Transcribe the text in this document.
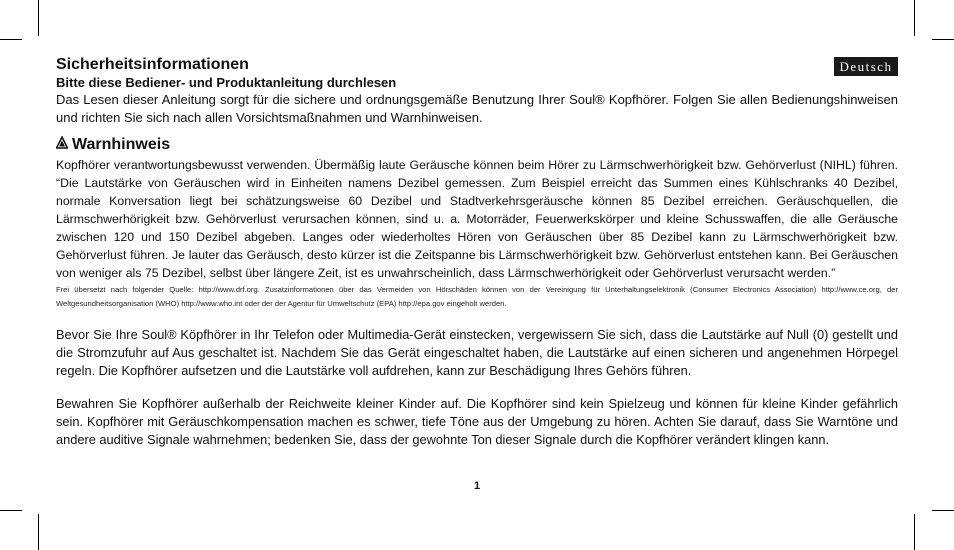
Deutsch
Sicherheitsinformationen
Bitte diese Bediener- und Produktanleitung durchlesen

Das Lesen dieser Anleitung sorgt für die sichere und ordnungsgemäße Benutzung Ihrer Soul® Kopfhörer. Folgen Sie allen Bedienungshinweisen und richten Sie sich nach allen Vorsichtsmaßnahmen und Warnhinweisen.

Warnhinweis

Kopfhörer verantwortungsbewusst verwenden. Übermäßig laute Geräusche können beim Hörer zu Lärmschwerhörigkeit bzw. Gehörverlust (NIHL) führen. “Die Lautstärke von Geräuschen wird in Einheiten namens Dezibel gemessen. Zum Beispiel erreicht das Summen eines Kühlschranks 40 Dezibel, normale Konversation liegt bei schätzungsweise 60 Dezibel und Stadtverkehrsgeräusche können 85 Dezibel erreichen. Geräuschquellen, die Lärmschwerhörigkeit bzw. Gehörverlust verursachen können, sind u. a. Motorräder, Feuerwerkskörper und kleine Schusswaffen, die alle Geräusche zwischen 120 und 150 Dezibel abgeben. Langes oder wiederholtes Hören von Geräuschen über 85 Dezibel kann zu Lärmschwerhörigkeit bzw. Gehörverlust führen. Je lauter das Geräusch, desto kürzer ist die Zeitspanne bis Lärmschwerhörigkeit bzw. Gehörverlust entstehen kann. Bei Geräuschen von weniger als 75 Dezibel, selbst über längere Zeit, ist es unwahrscheinlich, dass Lärmschwerhörigkeit oder Gehörverlust verursacht werden.”

Frei übersetzt nach folgender Quelle: http://www.drf.org. Zusatzinformationen über das Vermeiden von Hörschäden können von der Vereinigung für Unterhaltungselektronik (Consumer Electronics Association) http://www.ce.org, der Weltgesundheitsorganisation (WHO) http://www.who.int oder der der Agentur für Umweltschutz (EPA) http://epa.gov eingeholt werden.

Bevor Sie Ihre Soul® Köpfhörer in Ihr Telefon oder Multimedia-Gerät einstecken, vergewissern Sie sich, dass die Lautstärke auf Null (0) gestellt und die Stromzufuhr auf Aus geschaltet ist. Nachdem Sie das Gerät eingeschaltet haben, die Lautstärke auf einen sicheren und angenehmen Hörpegel regeln. Die Kopfhörer aufsetzen und die Lautstärke voll aufdrehen, kann zur Beschädigung Ihres Gehörs führen.

Bewahren Sie Kopfhörer außerhalb der Reichweite kleiner Kinder auf. Die Kopfhörer sind kein Spielzeug und können für kleine Kinder gefährlich sein. Kopfhörer mit Geräuschkompensation machen es schwer, tiefe Töne aus der Umgebung zu hören. Achten Sie darauf, dass Sie Warntöne und andere auditive Signale wahrnehmen; bedenken Sie, dass der gewohnte Ton dieser Signale durch die Kopfhörer verändert klingen kann.

1
